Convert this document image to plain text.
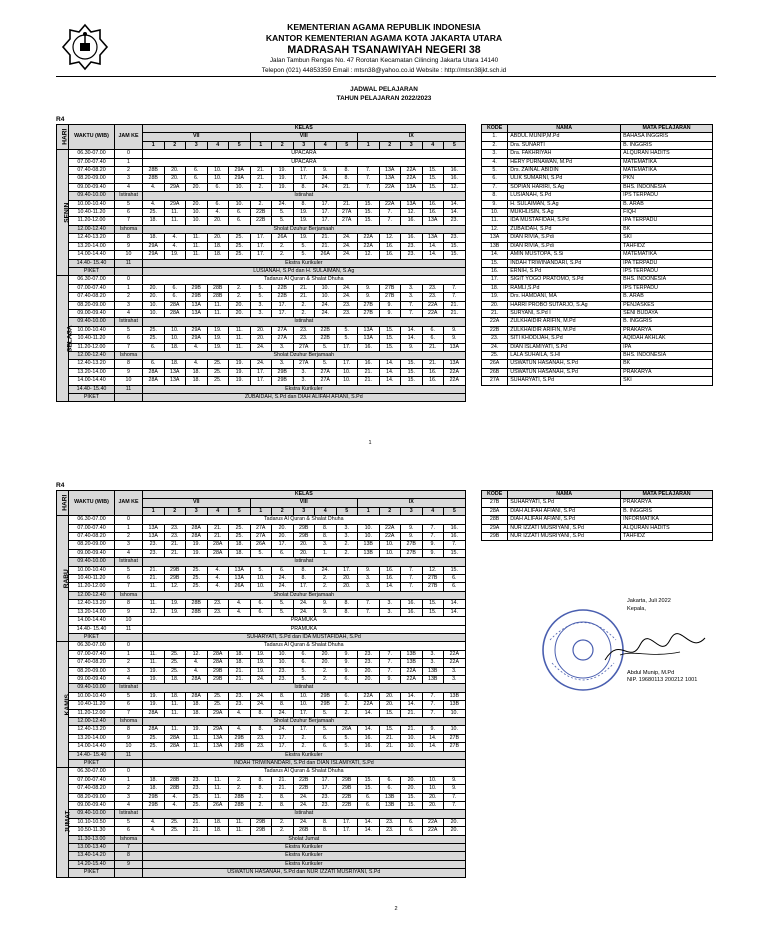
KEMENTERIAN AGAMA REPUBLIK INDONESIA
KANTOR KEMENTERIAN AGAMA KOTA JAKARTA UTARA
MADRASAH TSANAWIYAH NEGERI 38
Jalan Tambun Rengas No. 47 Rorotan Kecamatan Cilincing Jakarta Utara 14140
Telepon (021) 44853359 Email : mtsn38@yahoo.co.id Website : http://mtsn38jkt.sch.id
JADWAL PELAJARAN
TAHUN PELAJARAN 2022/2023
R4
HARI	WAKTU (WIB)	JAM KE	KELAS														
			VII					VIII					IX				
			1	2	3	4	5	1	2	3	4	5	1	2	3	4	5
SENIN	06.30-07.00	0	UPACARA														
	07.00-07.40	1	UPACARA														
	07.40-08.20	2	28B	20.	6.	10.	29A	21.	19.	17.	9.	8.	7.	13A	22A	15.	16.
	08.20-09.00	3	28B	20.	6.	10.	29A	21.	19.	17.	24.	8.	7.	13A	22A	15.	16.
	09.00-09.40	4	4.	29A	20.	6.	10.	2.	19.	8.	24.	21.	7.	22A	13A	15.	12.
	09.40-10.00	Istirahat	Istirahat														
	10.00-10.40	5	4.	29A	20.	6.	10.	2.	24.	8.	17.	21.	15.	22A	13A	16.	14.
	10.40-11.20	6	25.	11.	10.	4.	6.	22B	5.	19.	17.	27A	15.	7.	12.	16.	14.
	11.20-12.00	7	18.	11.	10.	20.	6.	22B	5.	19.	17.	27A	15.	7.	16.	13A	23.
	12.00-12.40	Ishoma	Sholat Dzuhur Berjamaah														
	12.40-13.20	8	18.	4.	11.	20.	25.	17.	26A	19.	21.	24.	22A	12.	16.	13A	23.
	13.20-14.00	9	29A	4.	11.	18.	25.	17.	2.	5.	21.	24.	22A	16.	23.	14.	15.
	14.00-14.40	10	29A	19.	11.	18.	25.	17.	2.	5.	26A	24.	12.	16.	23.	14.	15.
	14.40- 15.40	11	Ekstra Kurikuler														
	PIKET		LUSIANAH, S.Pd dan H. SULAIMAN, S.Ag														
SELASA	06.30-07.00	0	Tadarus Al Quran & Shalat Dhuha														
	07.00-07.40	1	20.	6.	29B	28B	2.	5.	22B	21.	10.	24.	9.	27B	3.	23.	7.
	07.40-08.20	2	20.	6.	29B	28B	2.	5.	22B	21.	10.	24.	9.	27B	3.	23.	7.
	08.20-09.00	3	10.	28A	13A	11.	20.	3.	17.	2.	24.	23.	27B	9.	7.	22A	21.
	09.00-09.40	4	10.	28A	13A	11.	20.	3.	17.	2.	24.	23.	27B	9.	7.	22A	21.
	09.40-10.00	Istirahat	Istirahat														
	10.00-10.40	5	25.	10.	29A	19.	11.	20.	27A	23.	22B	5.	13A	15.	14.	6.	9.
	10.40-11.20	6	25.	10.	29A	19.	11.	20.	27A	23.	22B	5.	13A	15.	14.	6.	9.
	11.20-12.00	7	6.	18.	4.	19.	11.	24.	3.	27A	5.	17.	16.	15.	9.	21.	13A
	12.00-12.40	Ishoma	Sholat Dzuhur Berjamaah														
	12.40-13.20	8	6.	18.	4.	25.	19.	24.	3.	27A	5.	17.	16.	14.	15.	21.	13A
	13.20-14.00	9	28A	13A	18.	25.	19.	17.	29B	3.	27A	10.	21.	14.	15.	16.	22A
	14.00-14.40	10	28A	13A	18.	25.	19.	17.	29B	3.	27A	10.	21.	14.	15.	16.	22A
	14.40- 15.40	11	Ekstra Kurikuler														
	PIKET		ZUBAIDAH, S.Pd dan DIAH ALIFAH AFIANI, S.Pd														
KODE	NAMA	MATA PELAJARAN

1.	ABDUL MUNIP,M.Pd	BAHASA INGGRIS
2.	Dra. SUNARTI	B. INGGRIS
3.	Dra. FAKHRIYAH	ALQURAN HADITS
4.	HERY PURNAWAN, M.Pd	MATEMATIKA
5.	Drs. ZAINAL ABIDIN	MATEMATIKA
6.	ULIK SUMARNI, S.Pd	PKN
7.	SOPIAN HARIRI, S.Ag	BHS. INDONESIA
8.	LUSIANAH, S.Pd	IPS TERPADU
9.	H. SULAIMAN, S.Ag	B. ARAB
10.	MUKHLISIN, S.Ag	FIQH
11.	IDA MUSTAFIDAH, S.Pd	IPA TERPADU
12.	ZUBAIDAH, S.Pd	BK
13A	DIAN RIVIA, S.Pdi	SKI
13B	DIAN RIVIA, S.Pdi	TAHFIDZ
14.	AMIN MUSTOPA, S.Si	MATEMATIKA
15.	INDAH TRIWINANDARI, S.Pd	IPA TERPADU
16.	ERNIH, S.Pd	IPS TERPADU
17.	SIGIT YOGO PRATOMO, S.Pd	BHS. INDONESIA
18.	RAMLI,S.Pd	IPS TERPADU
19.	Drs. HAMDANI, MA	B. ARAB
20.	HARRI PROBO SUTARJO, S.Ag	PENJASKES
21.	SURYANI, S.Pd I	SENI BUDAYA
22A	ZULKHAIDIR ARIFIN, M.Pd	B. INGGRIS
22B	ZULKHAIDIR ARIFIN, M.Pd	PRAKARYA
23.	SITI KHODIJAH, S.Pd	AQIDAH AKHLAK
24.	DIAN ISLAMIYATI, S.Pd	IPA
25.	LALA SUHAILA, S.Hl	BHS. INDONESIA
26A	USWATUN HASANAH, S.Pd	BK
26B	USWATUN HASANAH, S.Pd	PRAKARYA
27A	SUHARYATI, S.Pd	SKI
1
R4
HARI	WAKTU (WIB)	JAM KE	KELAS														
			VII					VIII					IX				
			1	2	3	4	5	1	2	3	4	5	1	2	3	4	5
RABU	06.30-07.00	0	Tadarus Al Quran & Shalat Dhuha														
	07.00-07.40	1	13A	23.	28A	21.	25.	27A	20.	29B	8.	3.	10.	22A	9.	7.	16.
	07.40-08.20	2	13A	23.	28A	21.	25.	27A	20.	29B	8.	3.	10.	22A	9.	7.	16.
	08.20-09.00	3	23.	21.	19.	28A	18.	26A	17.	20.	3.	2.	13B	10.	27B	9.	7.
	09.00-09.40	4	23.	21.	19.	28A	18.	5.	6.	20.	1.	2.	13B	10.	27B	9.	15.
	09.40-10.00	Istirahat	Istirahat														
	10.00-10.40	5	21.	29B	25.	4.	13A	5.	6.	8.	24.	17.	9.	16.	7.	12.	15.
	10.40-11.20	6	21.	29B	25.	4.	13A	10.	24.	8.	2.	20.	3.	16.	7.	27B	6.
	11.20-12.00	7	11.	12.	25.	4.	26A	10.	24.	17.	2.	20.	3.	14.	7.	27B	6.
	12.00-12.40	Ishoma	Sholat Dzuhur Berjamaah														
	12.40-13.20	8	11.	19.	28B	23.	4.	6.	5.	24.	9.	8.	7.	3.	16.	15.	14.
	13.20-14.00	9	12.	19.	28B	23.	4.	6.	5.	24.	9.	8.	7.	3.	16.	15.	14.
	14.00-14.40	10	PRAMUKA														
	14.40- 15.40	11	PRAMUKA														
	PIKET		SUHARYATI, S.Pd dan IDA MUSTAFIDAH, S.Pd														
KAMIS	06.30-07.00	0	Tadarus Al Quran & Shalat Dhuha														
	07.00-07.40	1	11.	25.	12.	28A	18.	19.	10.	6.	20.	9.	23.	7.	13B	3.	22A
	07.40-08.20	2	11.	25.	4.	28A	18.	19.	10.	6.	20.	9.	23.	7.	13B	3.	22A
	08.20-09.00	3	19.	25.	4.	29B	21.	19.	23.	5.	2.	9.	20.	7.	22A	13B	3.
	09.00-09.40	4	19.	18.	28A	29B	21.	24.	23.	5.	2.	6.	20.	9.	22A	13B	3.
	09.40-10.00	Istirahat	Istirahat														
	10.00-10.40	5	19.	18.	28A	25.	23.	24.	8.	10.	29B	6.	22A	20.	14.	7.	13B
	10.40-11.20	6	19.	11.	18.	25.	23.	24.	8.	10.	29B	2.	22A	20.	14.	7.	13B
	11.20-12.00	7	28A	11.	18.	29A	4.	8.	24.	17.	5.	2.	14.	15.	21.	7.	10.
	12.00-12.40	Ishoma	Sholat Dzuhur Berjamaah														
	12.40-13.20	8	28A	11.	19.	29A	4.	8.	24.	17.	5.	26A	14.	15.	21.	9.	10.
	13.20-14.00	9	25.	28A	11.	13A	29B	23.	17.	2.	6.	5.	16.	21.	10.	14.	27B
	14.00-14.40	10	25.	28A	11.	13A	29B	23.	17.	2.	6.	5.	16.	21.	10.	14.	27B
	14.40- 15.40	11	Ekstra Kurikuler														
	PIKET		INDAH TRIWINANDARI, S.Pd dan DIAN ISLAMIYATI, S.Pd														
JUMAT	06.30-07.00	0	Tadarus Al Quran & Shalat Dhuha														
	07.00-07.40	1	18.	28B	23.	11.	2.	8.	21.	22B	17.	29B	15.	6.	20.	10.	9.
	07.40-08.20	2	18.	28B	23.	11.	2.	8.	21.	22B	17.	29B	15.	6.	20.	10.	9.
	08.20-09.00	3	29B	4.	25.	11.	28B	2.	8.	24.	23.	22B	6.	13B	15.	20.	7.
	09.00-09.40	4	29B	4.	25.	26A	28B	2.	8.	24.	23.	22B	6.	13B	15.	20.	7.
	09.40-10.00	Istirahat	Istirahat														
	10.10-10.50	5	4.	25.	21.	18.	11.	29B	2.	24.	8.	17.	14.	23.	6.	22A	20.
	10.50-11.30	6	4.	25.	21.	18.	11.	29B	2.	26B	8.	17.	14.	23.	6.	22A	20.
	11.30-13.00	Ishoma	Sholat Jumat														
	13.00-13.40	7	Ekstra Kurikuler														
	13.40-14.20	8	Ekstra Kurikuler														
	14.20-15.40	9	Ekstra Kurikuler														
	PIKET		USWATUN HASANAH, S.Pd dan NUR IZZATI MUSRIYANI, S.Pd														
KODE	NAMA	MATA PELAJARAN

27B	SUHARYATI, S.Pd	PRAKARYA
28A	DIAH ALIFAH AFIANI, S.Pd	B. INGGRIS
28B	DIAH ALIFAH AFIANI, S.Pd	INFORMATIKA
29A	NUR IZZATI MUSRIYANI, S.Pd	ALQURAN HADITS
29B	NUR IZZATI MUSRIYANI, S.Pd	TAHFIDZ
Jakarta, Juli 2022
Kepala,
Abdul Munip, M.Pd
NIP. 19680113 200212 1001
2
